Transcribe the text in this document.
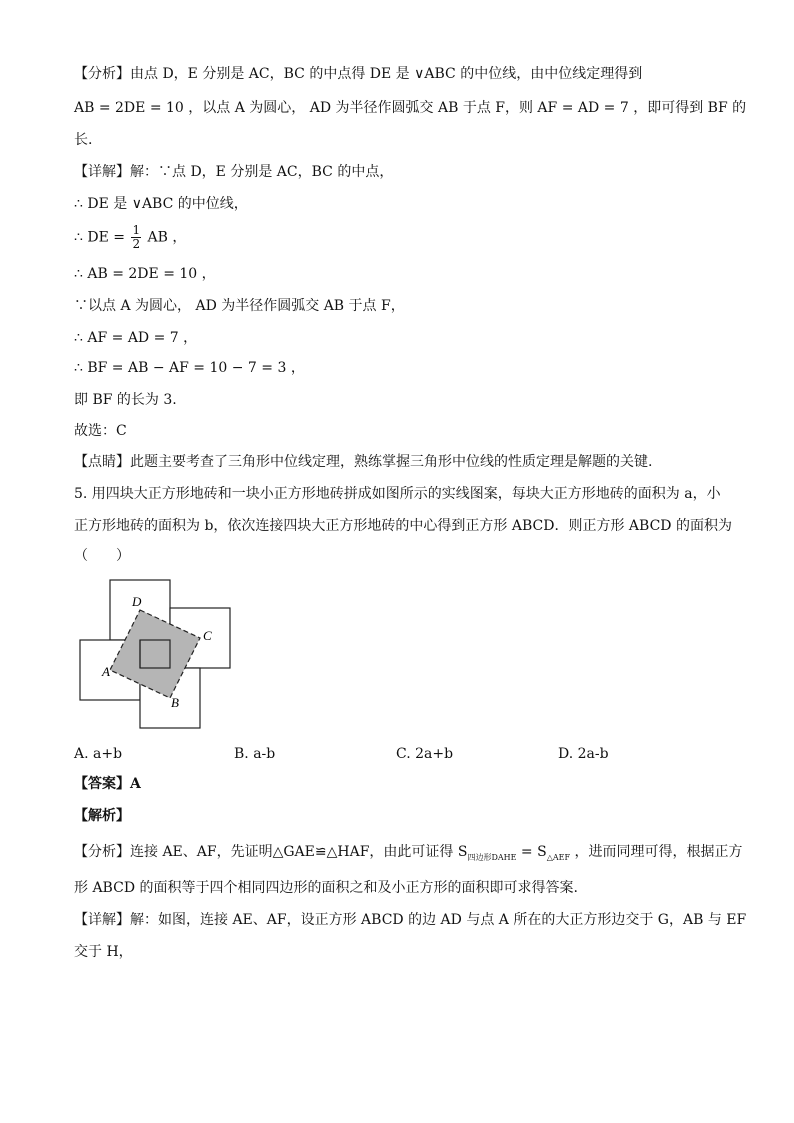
【分析】由点 D，E 分别是 AC，BC 的中点得 DE 是 ∨ABC 的中位线，由中位线定理得到
AB = 2DE = 10 ，以点 A 为圆心， AD 为半径作圆弧交 AB 于点 F，则 AF = AD = 7 ，即可得到 BF 的
长.
【详解】解：∵点 D，E 分别是 AC，BC 的中点，
∴ DE 是 ∨ABC 的中位线，
∴ DE = $\frac{1}{2}$ AB ，
∴ AB = 2DE = 10 ，
∵以点 A 为圆心， AD 为半径作圆弧交 AB 于点 F，
∴ AF = AD = 7 ，
∴ BF = AB − AF = 10 − 7 = 3 ，
即 BF 的长为 3.
故选：C
【点睛】此题主要考查了三角形中位线定理，熟练掌握三角形中位线的性质定理是解题的关键.
5. 用四块大正方形地砖和一块小正方形地砖拼成如图所示的实线图案，每块大正方形地砖的面积为 a，小
正方形地砖的面积为 b，依次连接四块大正方形地砖的中心得到正方形 ABCD．则正方形 ABCD 的面积为
（　　）
D
C
A
B
A. a+b	B. a-b	C. 2a+b	D. 2a-b
【答案】A
【解析】
【分析】连接 AE、AF，先证明△GAE≌△HAF，由此可证得 $S_{四边形DAHE} = S_{\triangle AEF}$ ，进而同理可得，根据正方
形 ABCD 的面积等于四个相同四边形的面积之和及小正方形的面积即可求得答案.
【详解】解：如图，连接 AE、AF，设正方形 ABCD 的边 AD 与点 A 所在的大正方形边交于 G，AB 与 EF
交于 H，
